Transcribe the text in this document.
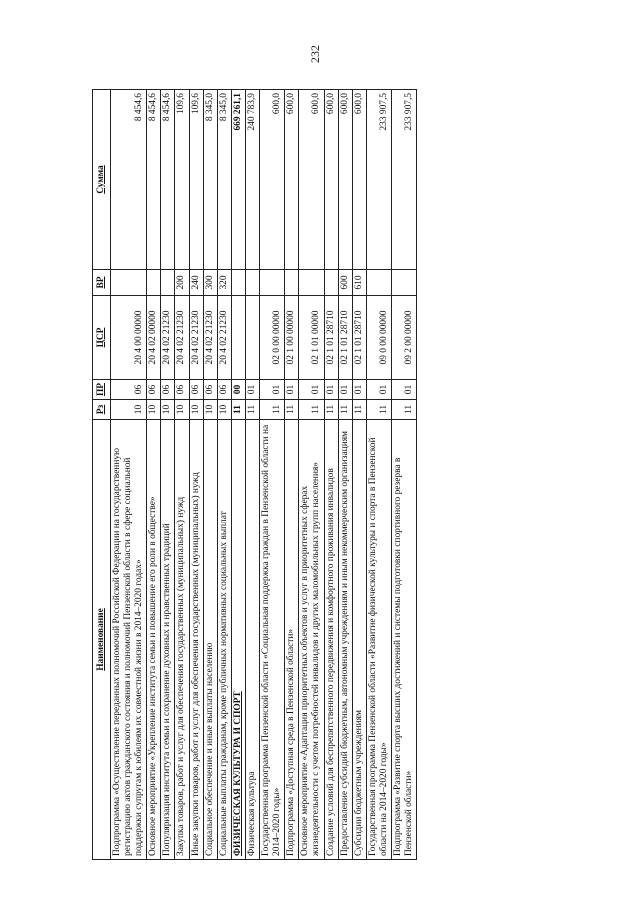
232
Наименование	Рз	ПР	ЦСР	ВР	Сумма
Подпрограмма «Осуществление переданных полномочий Российской Федерации на государственную регистрацию актов гражданского состояния и полномочий Пензенской области в сфере социальной поддержки супругам к юбилеям их совместной жизни в 2014–2020 годах»	10	06	20 4 00 00000		8 454,6
Основное мероприятие «Укрепление института семьи и повышение его роли в обществе»	10	06	20 4 02 00000		8 454,6
Популяризация института семьи и сохранение духовных и нравственных традиций	10	06	20 4 02 21230		8 454,6
Закупка товаров, работ и услуг для обеспечения государственных (муниципальных) нужд	10	06	20 4 02 21230	200	109,6
Иные закупки товаров, работ и услуг для обеспечения государственных (муниципальных) нужд	10	06	20 4 02 21230	240	109,6
Социальное обеспечение и иные выплаты населению	10	06	20 4 02 21230	300	8 345,0
Социальные выплаты гражданам, кроме публичных нормативных социальных выплат	10	06	20 4 02 21230	320	8 345,0
ФИЗИЧЕСКАЯ КУЛЬТУРА И СПОРТ	11	00			669 261,1
Физическая культура	11	01			240 783,9
Государственная программа Пензенской области «Социальная поддержка граждан в Пензенской области на 2014–2020 годы»	11	01	02 0 00 00000		600,0
Подпрограмма «Доступная среда в Пензенской области»	11	01	02 1 00 00000		600,0
Основное мероприятие «Адаптация приоритетных объектов и услуг в приоритетных сферах жизнедеятельности с учетом потребностей инвалидов и других маломобильных групп населения»	11	01	02 1 01 00000		600,0
Создание условий для беспрепятственного передвижения и комфортного проживания инвалидов	11	01	02 1 01 28710		600,0
Предоставление субсидий бюджетным, автономным учреждениям и иным некоммерческим организациям	11	01	02 1 01 28710	600	600,0
Субсидии бюджетным учреждениям	11	01	02 1 01 28710	610	600,0
Государственная программа Пензенской области «Развитие физической культуры и спорта в Пензенской области на 2014–2020 годы»	11	01	09 0 00 00000		233 907,5
Подпрограмма «Развитие спорта высших достижений и системы подготовки спортивного резерва в Пензенской области»	11	01	09 2 00 00000		233 907,5
